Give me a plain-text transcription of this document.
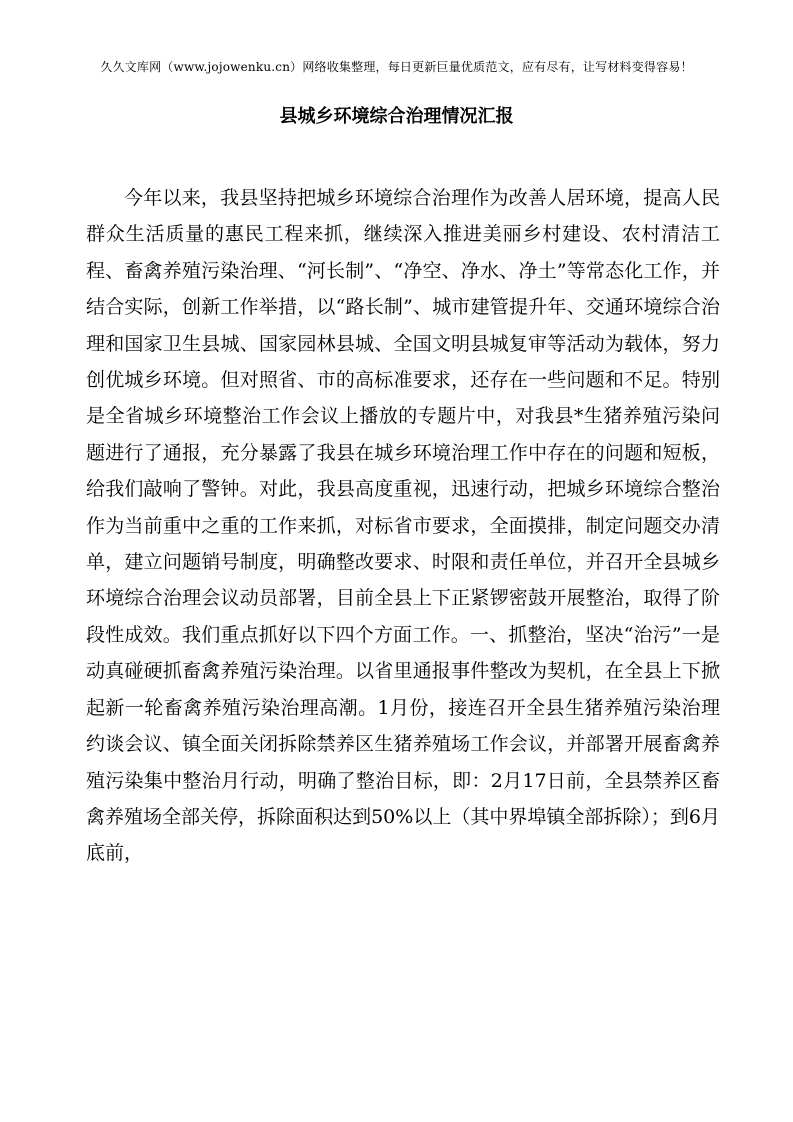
久久文库网（www.jojowenku.cn）网络收集整理，每日更新巨量优质范文，应有尽有，让写材料变得容易！
县城乡环境综合治理情况汇报

今年以来，我县坚持把城乡环境综合治理作为改善人居环境，提高人民群众生活质量的惠民工程来抓，继续深入推进美丽乡村建设、农村清洁工程、畜禽养殖污染治理、“河长制”、“净空、净水、净土”等常态化工作，并结合实际，创新工作举措，以“路长制”、城市建管提升年、交通环境综合治理和国家卫生县城、国家园林县城、全国文明县城复审等活动为载体，努力创优城乡环境。但对照省、市的高标准要求，还存在一些问题和不足。特别是全省城乡环境整治工作会议上播放的专题片中，对我县*生猪养殖污染问题进行了通报，充分暴露了我县在城乡环境治理工作中存在的问题和短板，给我们敲响了警钟。对此，我县高度重视，迅速行动，把城乡环境综合整治作为当前重中之重的工作来抓，对标省市要求，全面摸排，制定问题交办清单，建立问题销号制度，明确整改要求、时限和责任单位，并召开全县城乡环境综合治理会议动员部署，目前全县上下正紧锣密鼓开展整治，取得了阶段性成效。我们重点抓好以下四个方面工作。一、抓整治，坚决“治污”一是动真碰硬抓畜禽养殖污染治理。以省里通报事件整改为契机，在全县上下掀起新一轮畜禽养殖污染治理高潮。1月份，接连召开全县生猪养殖污染治理约谈会议、镇全面关闭拆除禁养区生猪养殖场工作会议，并部署开展畜禽养殖污染集中整治月行动，明确了整治目标，即：2月17日前，全县禁养区畜禽养殖场全部关停，拆除面积达到50%以上（其中界埠镇全部拆除）；到6月底前，
